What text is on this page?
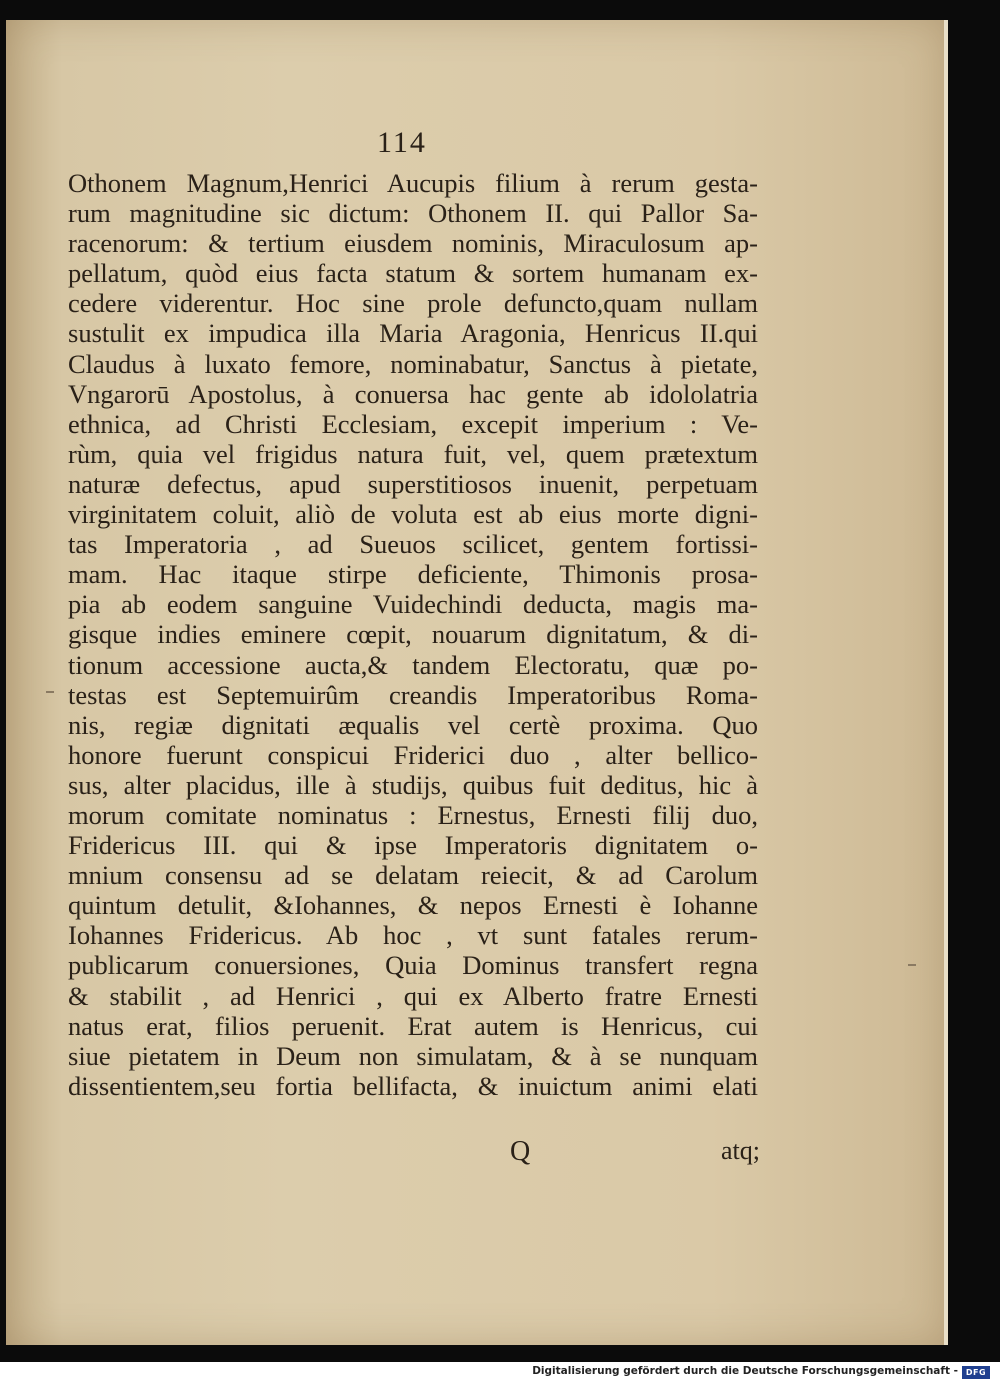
114
Othonem Magnum,Henrici Aucupis filium à rerum gesta-
rum magnitudine sic dictum: Othonem II. qui Pallor Sa-
racenorum: & tertium eiusdem nominis, Miraculosum ap-
pellatum, quòd eius facta statum & sortem humanam ex-
cedere viderentur. Hoc sine prole defuncto,quam nullam
sustulit ex impudica illa Maria Aragonia, Henricus II.qui
Claudus à luxato femore, nominabatur, Sanctus à pietate,
Vngarorū Apostolus, à conuersa hac gente ab idololatria
ethnica, ad Christi Ecclesiam, excepit imperium : Ve-
rùm, quia vel frigidus natura fuit, vel, quem prætextum
naturæ defectus, apud superstitiosos inuenit, perpetuam
virginitatem coluit, aliò de voluta est ab eius morte digni-
tas Imperatoria , ad Sueuos scilicet, gentem fortissi-
mam. Hac itaque stirpe deficiente, Thimonis prosa-
pia ab eodem sanguine Vuidechindi deducta, magis ma-
gisque indies eminere cœpit, nouarum dignitatum, & di-
tionum accessione aucta,& tandem Electoratu, quæ po-
testas est Septemuirûm creandis Imperatoribus Roma-
nis, regiæ dignitati æqualis vel certè proxima. Quo
honore fuerunt conspicui Friderici duo , alter bellico-
sus, alter placidus, ille à studijs, quibus fuit deditus, hic à
morum comitate nominatus : Ernestus, Ernesti filij duo,
Fridericus III. qui & ipse Imperatoris dignitatem o-
mnium consensu ad se delatam reiecit, & ad Carolum
quintum detulit, &Iohannes, & nepos Ernesti è Iohanne
Iohannes Fridericus. Ab hoc , vt sunt fatales rerum-
publicarum conuersiones, Quia Dominus transfert regna
& stabilit , ad Henrici , qui ex Alberto fratre Ernesti
natus erat, filios peruenit. Erat autem is Henricus, cui
siue pietatem in Deum non simulatam, & à se nunquam
dissentientem,seu fortia bellifacta, & inuictum animi elati
Q	atq;
Digitalisierung gefördert durch die Deutsche Forschungsgemeinschaft - DFG
